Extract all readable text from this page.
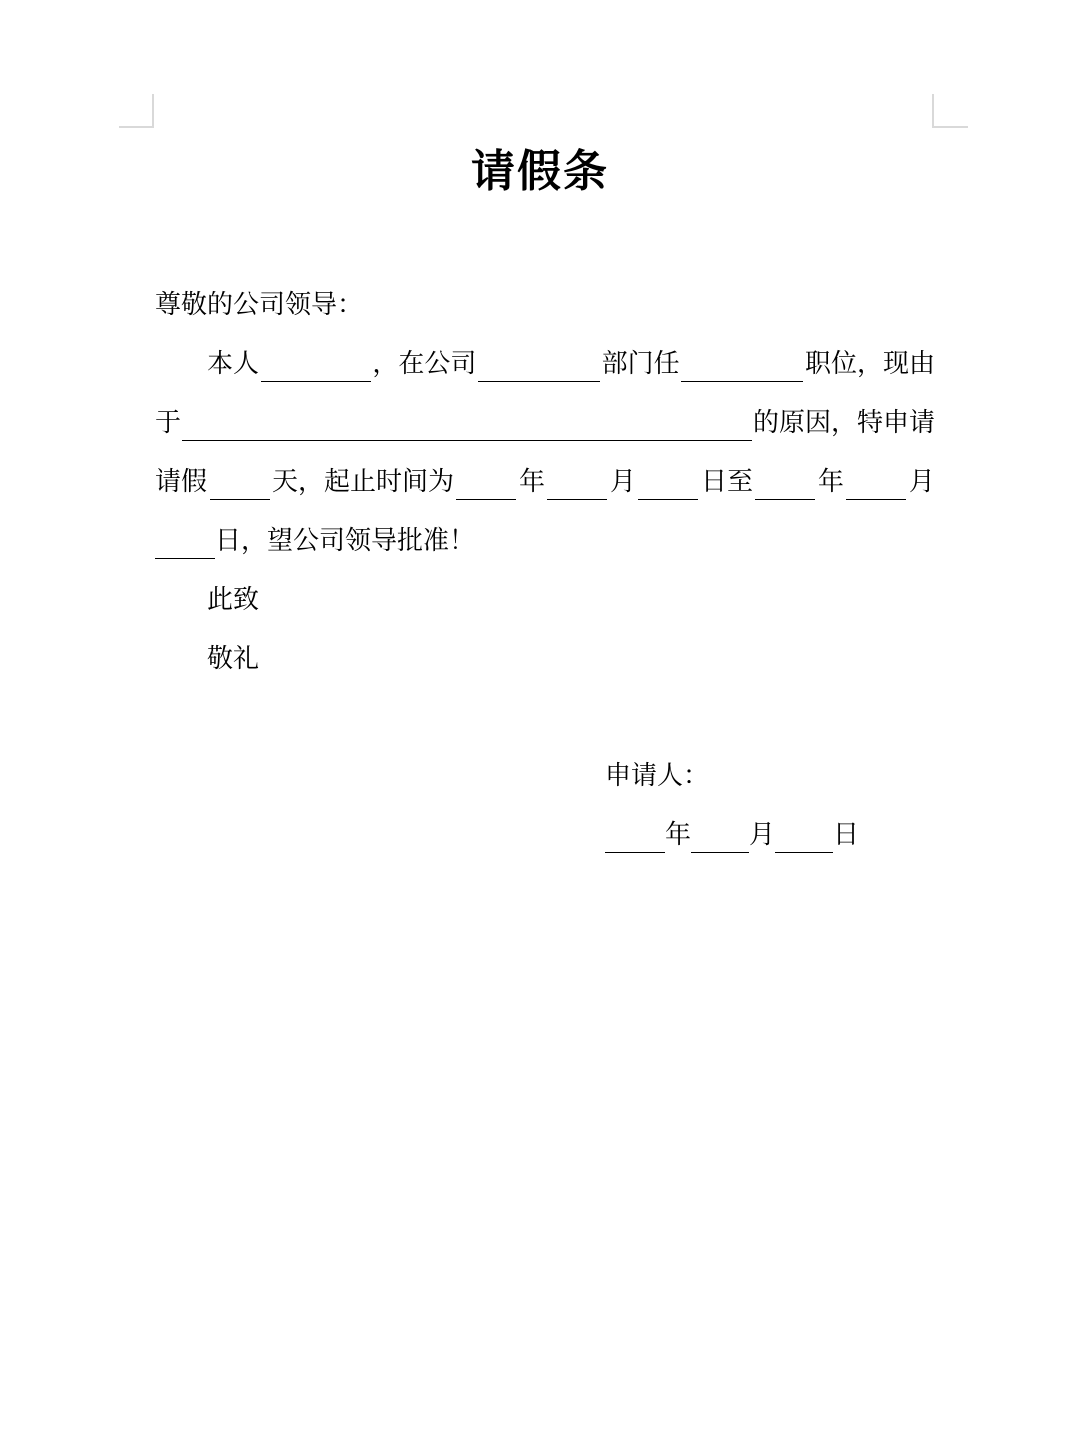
请假条
尊敬的公司领导：
本人	，在公司	部门任	职位，现由
于	的原因，特申请
请假 天，起止时间为 年 月 日至 年 月
日，望公司领导批准！
此致
敬礼
申请人：
年 月 日
